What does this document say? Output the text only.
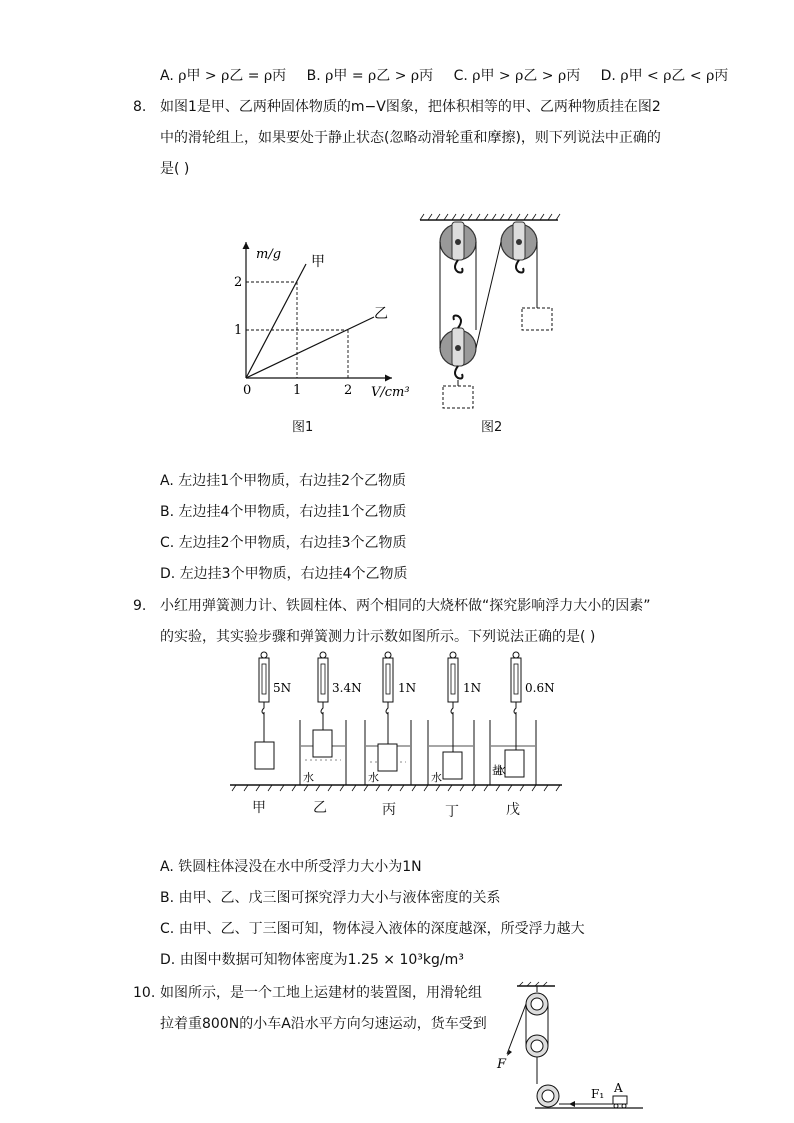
A. ρ甲 > ρ乙 = ρ丙 B. ρ甲 = ρ乙 > ρ丙 C. ρ甲 > ρ乙 > ρ丙 D. ρ甲 < ρ乙 < ρ丙
8. 如图1是甲、乙两种固体物质的m−V图象，把体积相等的甲、乙两种物质挂在图2
中的滑轮组上，如果要处于静止状态(忽略动滑轮重和摩擦)，则下列说法中正确的
是( )
m/g
V/cm³
0	1	2
2
1
甲
乙
图1	图2
A. 左边挂1个甲物质，右边挂2个乙物质
B. 左边挂4个甲物质，右边挂1个乙物质
C. 左边挂2个甲物质，右边挂3个乙物质
D. 左边挂3个甲物质，右边挂4个乙物质
9. 小红用弹簧测力计、铁圆柱体、两个相同的大烧杯做“探究影响浮力大小的因素”
的实验，其实验步骤和弹簧测力计示数如图所示。下列说法正确的是( )
5N	3.4N
水
1N
水
1N
水
0.6N
盐水
甲	乙	丙	丁	戊
A. 铁圆柱体浸没在水中所受浮力大小为1N
B. 由甲、乙、戊三图可探究浮力大小与液体密度的关系
C. 由甲、乙、丁三图可知，物体浸入液体的深度越深，所受浮力越大
D. 由图中数据可知物体密度为1.25 × 10³kg/m³
10. 如图所示，是一个工地上运建材的装置图，用滑轮组
拉着重800N的小车A沿水平方向匀速运动，货车受到
F
F₁ A
